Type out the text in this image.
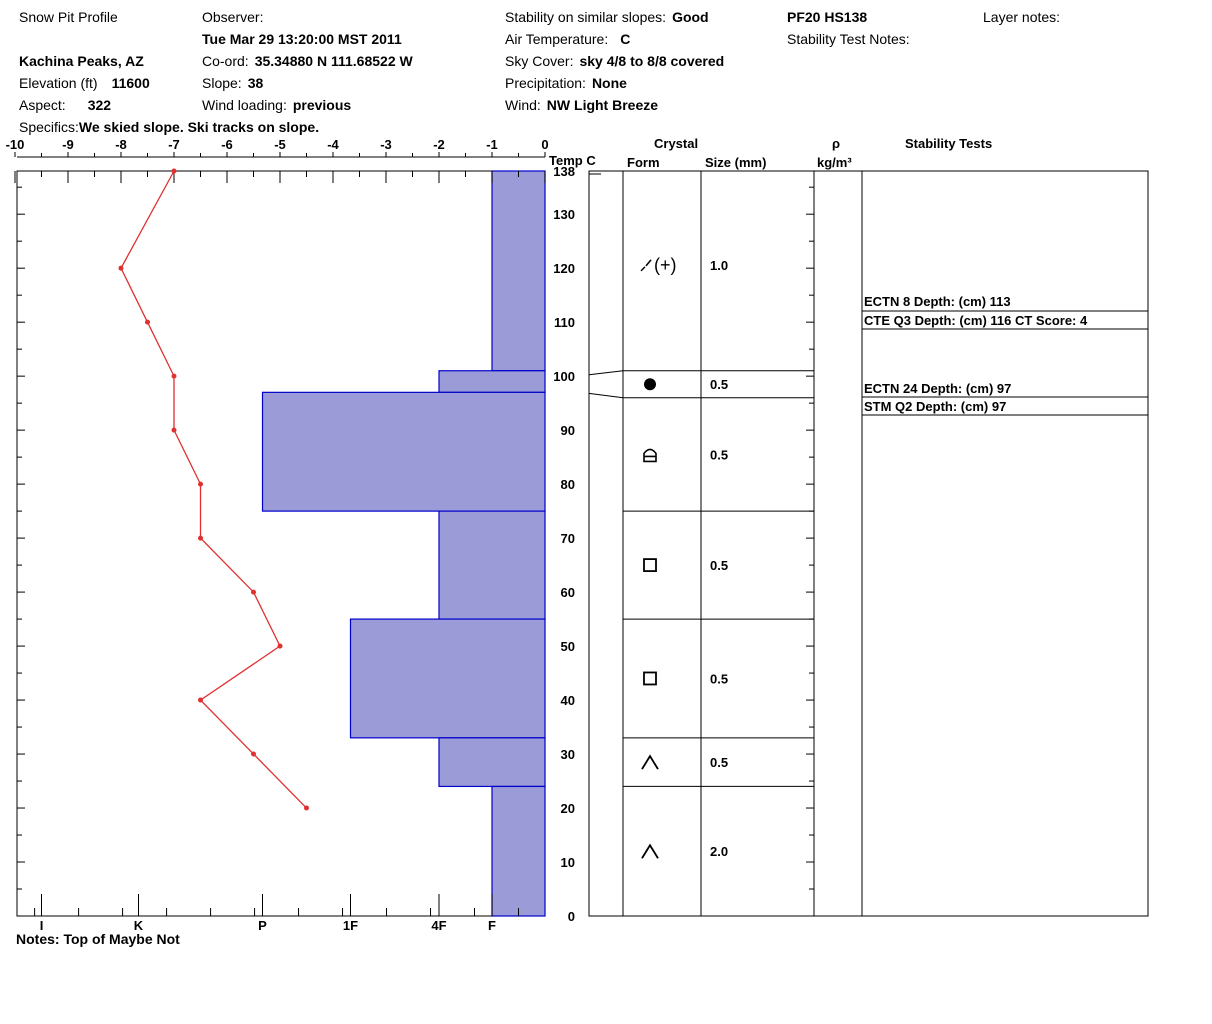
Snow Pit Profile
Kachina Peaks, AZ
Elevation (ft) 11600
Aspect: 322
Specifics:We skied slope. Ski tracks on slope.
Observer:
Tue Mar 29 13:20:00 MST 2011
Co-ord: 35.34880 N 111.68522 W
Slope: 38
Wind loading: previous
Stability on similar slopes: Good
Air Temperature: C
Sky Cover: sky 4/8 to 8/8 covered
Precipitation: None
Wind: NW Light Breeze
PF20 HS138
Stability Test Notes:
Layer notes:
Temp C
Crystal
Form	Size (mm)
ρ
kg/m³
Stability Tests
-10	-9	-8	-7	-6	-5	-4	-3	-2	-1	0
I	K	P	1F	4F	F
0
10
20
30
40
50
60
70
80
90
100
110
120
130
138
1.0
(+)
0.5
0.5
0.5
0.5
0.5
2.0
ECTN 8 Depth: (cm) 113
CTE Q3 Depth: (cm) 116 CT Score: 4
ECTN 24 Depth: (cm) 97
STM Q2 Depth: (cm) 97
Notes: Top of Maybe Not
